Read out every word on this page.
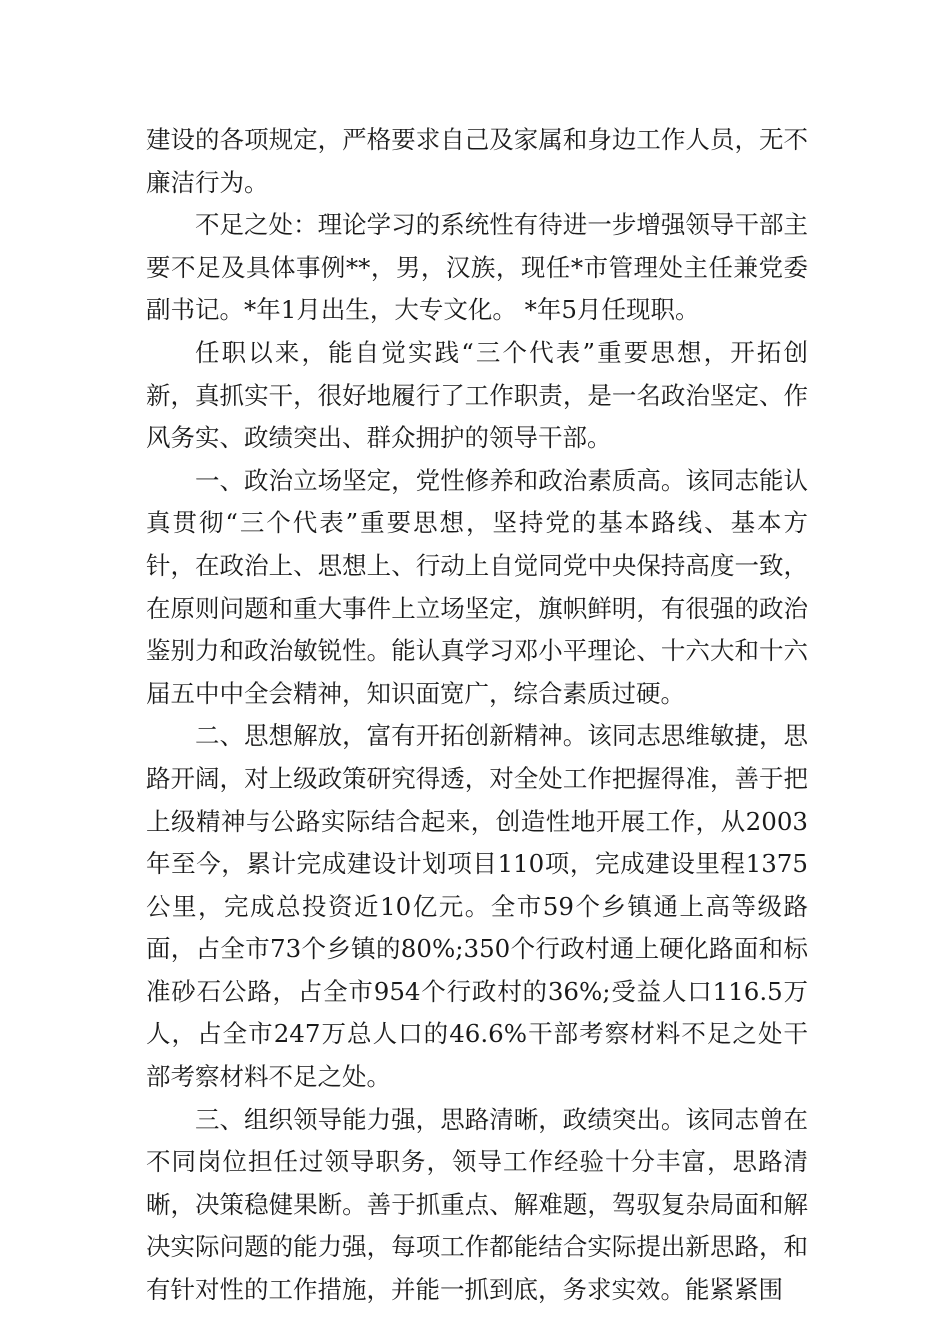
建设的各项规定，严格要求自己及家属和身边工作人员，无不廉洁行为。

不足之处：理论学习的系统性有待进一步增强领导干部主要不足及具体事例**，男，汉族，现任*市管理处主任兼党委副书记。*年1月出生，大专文化。 *年5月任现职。

任职以来，能自觉实践“三个代表”重要思想，开拓创新，真抓实干，很好地履行了工作职责，是一名政治坚定、作风务实、政绩突出、群众拥护的领导干部。

一、政治立场坚定，党性修养和政治素质高。该同志能认真贯彻“三个代表”重要思想，坚持党的基本路线、基本方针，在政治上、思想上、行动上自觉同党中央保持高度一致，在原则问题和重大事件上立场坚定，旗帜鲜明，有很强的政治鉴别力和政治敏锐性。能认真学习邓小平理论、十六大和十六届五中中全会精神，知识面宽广，综合素质过硬。

二、思想解放，富有开拓创新精神。该同志思维敏捷，思路开阔，对上级政策研究得透，对全处工作把握得准，善于把上级精神与公路实际结合起来，创造性地开展工作，从2003年至今，累计完成建设计划项目110项，完成建设里程1375公里，完成总投资近10亿元。全市59个乡镇通上高等级路面，占全市73个乡镇的80%;350个行政村通上硬化路面和标准砂石公路，占全市954个行政村的36%;受益人口116.5万人，占全市247万总人口的46.6%干部考察材料不足之处干部考察材料不足之处。

三、组织领导能力强，思路清晰，政绩突出。该同志曾在不同岗位担任过领导职务，领导工作经验十分丰富，思路清晰，决策稳健果断。善于抓重点、解难题，驾驭复杂局面和解决实际问题的能力强，每项工作都能结合实际提出新思路，和有针对性的工作措施，并能一抓到底，务求实效。能紧紧围
